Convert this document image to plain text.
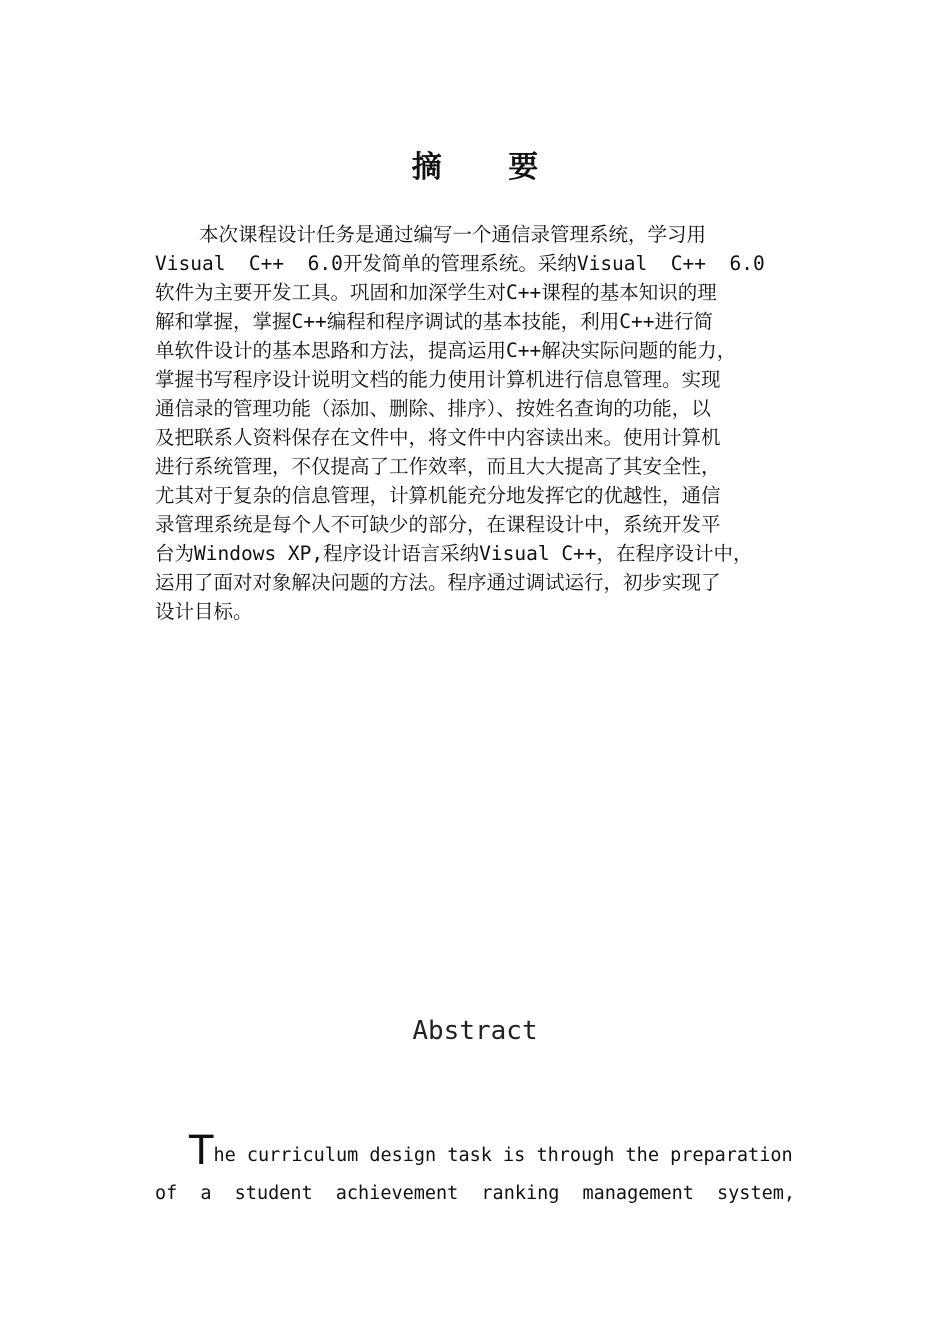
摘 要
本次课程设计任务是通过编写一个通信录管理系统，学习用
Visual  C++  6.0开发简单的管理系统。采纳Visual  C++  6.0
软件为主要开发工具。巩固和加深学生对C++课程的基本知识的理
解和掌握，掌握C++编程和程序调试的基本技能，利用C++进行简
单软件设计的基本思路和方法，提高运用C++解决实际问题的能力，
掌握书写程序设计说明文档的能力使用计算机进行信息管理。实现
通信录的管理功能（添加、删除、排序）、按姓名查询的功能，以
及把联系人资料保存在文件中，将文件中内容读出来。使用计算机
进行系统管理，不仅提高了工作效率，而且大大提高了其安全性，
尤其对于复杂的信息管理，计算机能充分地发挥它的优越性，通信
录管理系统是每个人不可缺少的部分，在课程设计中，系统开发平
台为Windows XP,程序设计语言采纳Visual C++，在程序设计中，
运用了面对对象解决问题的方法。程序通过调试运行，初步实现了
设计目标。
Abstract
T he curriculum design task is through the preparation
of a student achievement ranking management system,
